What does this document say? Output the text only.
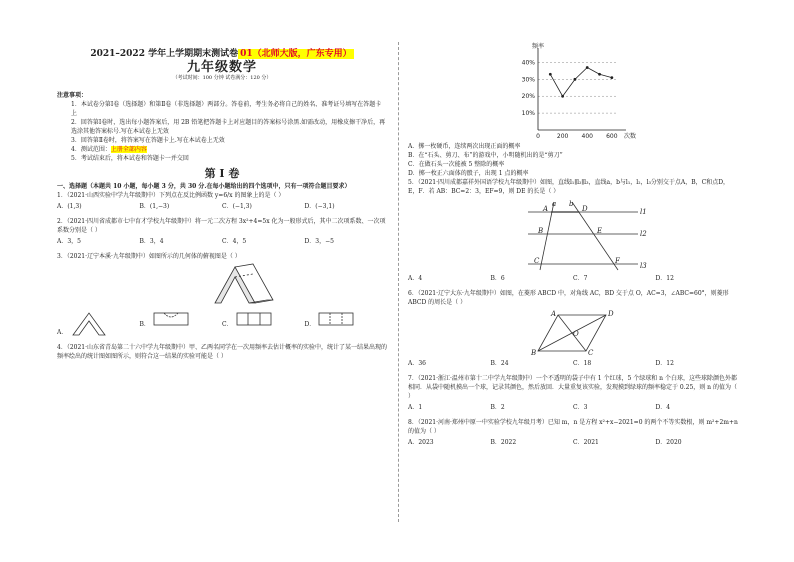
2021–2022 学年上学期期末测试卷 01（北师大版，广东专用）
九年级数学
（考试时间：100 分钟 试卷满分：120 分）
注意事项：

1．本试卷分第Ⅰ卷（选择题）和第Ⅱ卷（非选择题）两部分。答卷前，考生务必将自己的姓名、准考证号填写在答题卡上

2．回答第Ⅰ卷时，选出每小题答案后，用 2B 铅笔把答题卡上对应题目的答案标号涂黑.如需改动，用橡皮擦干净后，再选涂其他答案标号.写在本试卷上无效

3．回答第Ⅱ卷时，将答案写在答题卡上.写在本试卷上无效

4．测试范围：上册全部内容

5．考试结束后，将本试卷和答题卡一并交回

第 Ⅰ 卷
一、选择题（本题共 10 小题，每小题 3 分，共 30 分.在每小题给出的四个选项中，只有一项符合题目要求）

1．（2021·山西实验中学九年级期中）下列点在反比例函数 y=6/x 的图象上的是（ ）

A．(1,3)	B．(1,−3)	C．(−1,3)	D．(−3,1)

2．（2021·四川省成都市七中育才学校九年级期中）将一元二次方程 3x²+4=5x 化为一般形式后，其中二次项系数、一次项系数分别是（ ）

A．3，5	B．3，4	C．4，5	D．3，−5

3．（2021·辽宁本溪·九年级期中）如图所示的几何体的俯视图是（ ）

A．
B．	C．	D．

4．（2021·山东省青岛第二十六中学九年级期中）甲、乙两名同学在一次用频率去估计概率的实验中，统计了某一结果出现的频率绘出的统计图如图所示，则符合这一结果的实验可能是（ ）

10%
20%
30%
40%
0	200 400 600
频率
次数

A．掷一枚硬币，连续两次出现正面的概率

B．在“石头、剪刀、布”的游戏中，小明随机出的是“剪刀”

C．在做石头一次能被 5 整除的概率

D．掷一枚正六面体的骰子，出现 1 点的概率

5．（2021·四川成都嘉祥外国语学校九年级期中）如图，直线l₁∥l₂∥l₃，直线a，b与l₁，l₂，l₃分别交于点A，B，C和点D，E，F．若 AB：BC=2：3，EF=9，则 DE 的长是（ ）

a b
A	D
B	E
C	F
l1
l2
l3
A．4	B．6	C．7	D．12

6．（2021·辽宁大东·九年级期中）如图，在菱形 ABCD 中，对角线 AC，BD 交于点 O，AC=3，∠ABC=60°，则菱形 ABCD 的周长是（ ）

A	D
B	C
O
A．36	B．24	C．18	D．12

7．（2021·浙江·温州市第十二中学九年级期中）一个不透明的袋子中有 1 个红球，5 个绿球和 n 个白球，这些球除颜色外都相同．从袋中随机摸出一个球，记录其颜色，然后放回．大量重复该实验，发现摸到绿球的频率稳定于 0.25，则 n 的值为（ ）

A．1	B．2	C．3	D．4

8．（2021·河南·郑州中原一中实验学校九年级月考）已知 m，n 是方程 x²+x−2021=0 的两个不等实数根，则 m²+2m+n 的值为（ ）

A．2023	B．2022	C．2021	D．2020
